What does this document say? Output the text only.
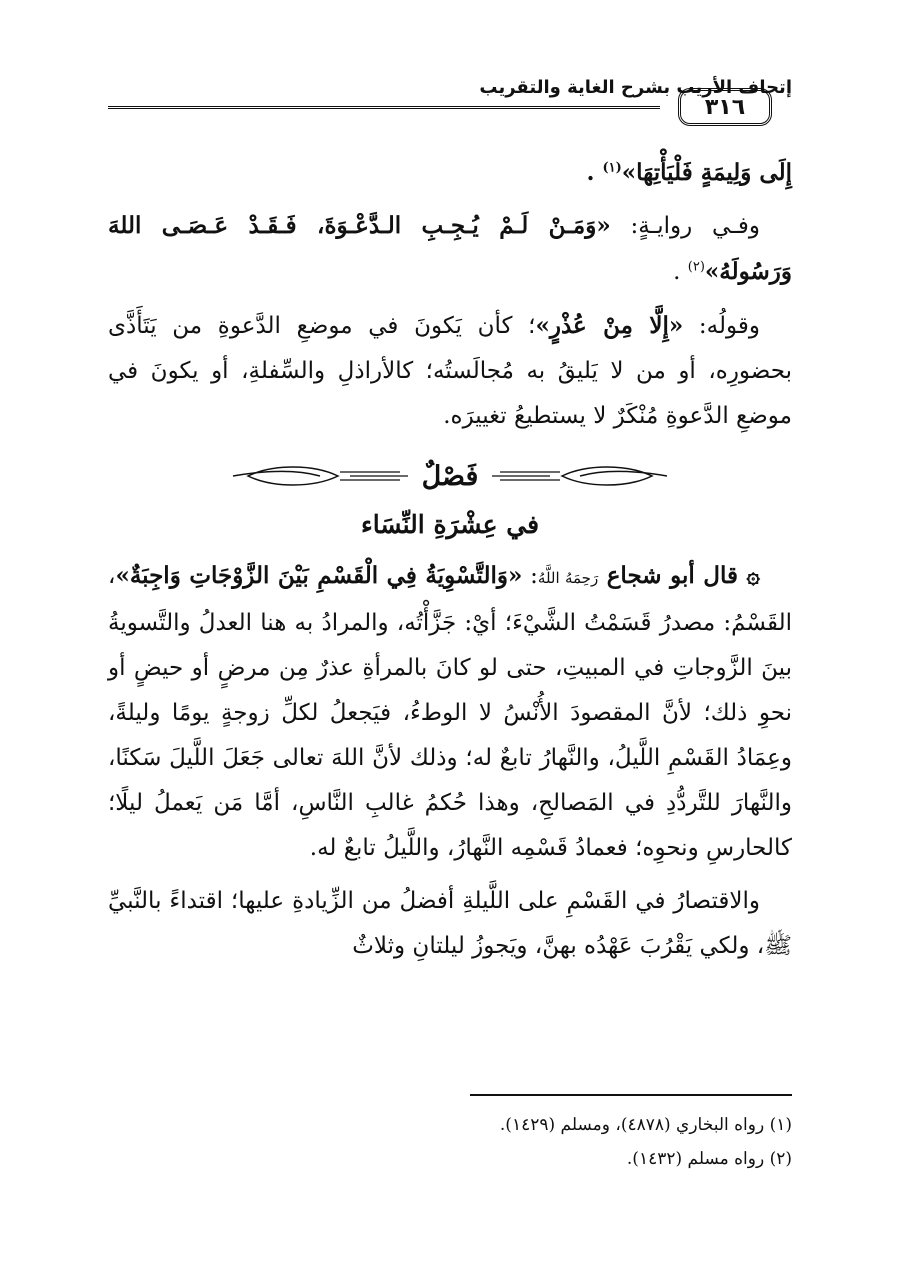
إتحاف الأريب بشرح الغاية والتقريب

٣١٦

إِلَى وَلِيمَةٍ فَلْيَأْتِهَا»$^{(١)}$ .

وفـي روايـةٍ: «وَمَـنْ لَـمْ يُـجِـبِ الـدَّعْـوَةَ، فَـقَـدْ عَـصَـى اللهَ وَرَسُولَهُ»$^{(٢)}$ .

وقولُه: «إِلَّا مِنْ عُذْرٍ»؛ كأن يَكونَ في موضعِ الدَّعوةِ من يَتَأَذَّى بحضورِه، أو من لا يَليقُ به مُجالَستُه؛ كالأراذلِ والسِّفلةِ، أو يكونَ في موضعِ الدَّعوةِ مُنْكَرٌ لا يستطيعُ تغييرَه.

فَصْلٌ

في عِشْرَةِ النِّسَاء

۞ قال أبو شجاع رَحِمَهُ اللَّهُ: «وَالتَّسْوِيَةُ فِي الْقَسْمِ بَيْنَ الزَّوْجَاتِ وَاجِبَةٌ»، القَسْمُ: مصدرُ قَسَمْتُ الشَّيْءَ؛ أيْ: جَزَّأْتُه، والمرادُ به هنا العدلُ والتَّسويةُ بينَ الزَّوجاتِ في المبيتِ، حتى لو كانَ بالمرأةِ عذرٌ مِن مرضٍ أو حيضٍ أو نحوِ ذلك؛ لأنَّ المقصودَ الأُنْسُ لا الوطءُ، فيَجعلُ لكلِّ زوجةٍ يومًا وليلةً، وعِمَادُ القَسْمِ اللَّيلُ، والنَّهارُ تابعٌ له؛ وذلك لأنَّ اللهَ تعالى جَعَلَ اللَّيلَ سَكنًا، والنَّهارَ للتَّردُّدِ في المَصالحِ، وهذا حُكمُ غالبِ النَّاسِ، أمَّا مَن يَعملُ ليلًا؛ كالحارسِ ونحوِه؛ فعمادُ قَسْمِه النَّهارُ، واللَّيلُ تابعٌ له.

والاقتصارُ في القَسْمِ على اللَّيلةِ أفضلُ من الزِّيادةِ عليها؛ اقتداءً بالنَّبيِّ ﷺ، ولكي يَقْرُبَ عَهْدُه بهنَّ، ويَجوزُ ليلتانِ وثلاثٌ

(١) رواه البخاري (٤٨٧٨)، ومسلم (١٤٢٩).

(٢) رواه مسلم (١٤٣٢).
